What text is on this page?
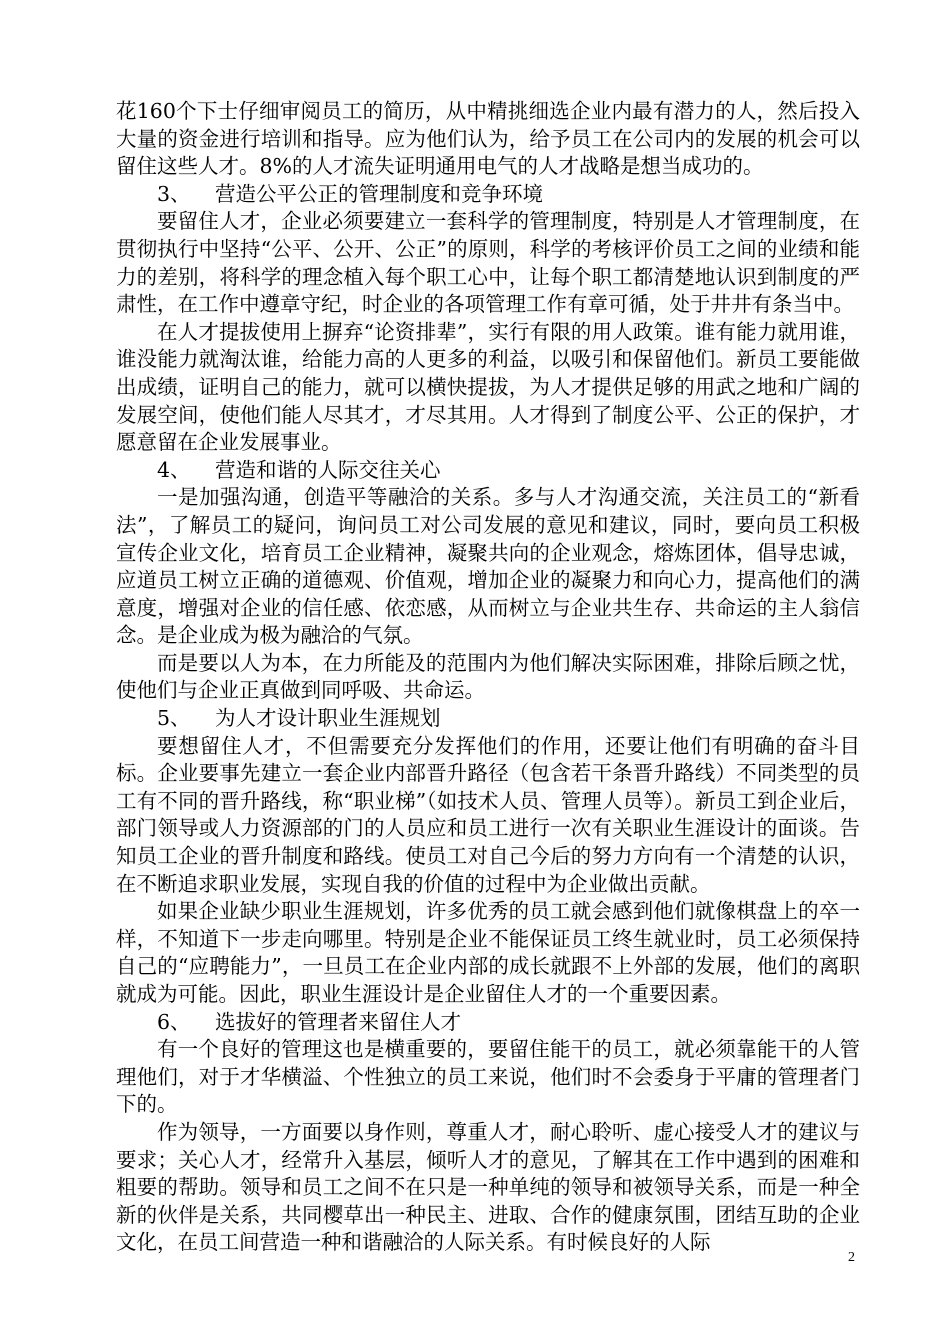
花160个下士仔细审阅员工的简历，从中精挑细选企业内最有潜力的人，然后投入大量的资金进行培训和指导。应为他们认为，给予员工在公司内的发展的机会可以留住这些人才。8%的人才流失证明通用电气的人才战略是想当成功的。

3、 营造公平公正的管理制度和竞争环境

要留住人才，企业必须要建立一套科学的管理制度，特别是人才管理制度，在贯彻执行中坚持“公平、公开、公正”的原则，科学的考核评价员工之间的业绩和能力的差别，将科学的理念植入每个职工心中，让每个职工都清楚地认识到制度的严肃性，在工作中遵章守纪，时企业的各项管理工作有章可循，处于井井有条当中。

在人才提拔使用上摒弃“论资排辈”，实行有限的用人政策。谁有能力就用谁，谁没能力就淘汰谁，给能力高的人更多的利益，以吸引和保留他们。新员工要能做出成绩，证明自己的能力，就可以横快提拔，为人才提供足够的用武之地和广阔的发展空间，使他们能人尽其才，才尽其用。人才得到了制度公平、公正的保护，才愿意留在企业发展事业。

4、 营造和谐的人际交往关心

一是加强沟通，创造平等融洽的关系。多与人才沟通交流，关注员工的“新看法”，了解员工的疑问，询问员工对公司发展的意见和建议，同时，要向员工积极宣传企业文化，培育员工企业精神，凝聚共向的企业观念，熔炼团体，倡导忠诚，应道员工树立正确的道德观、价值观，增加企业的凝聚力和向心力，提高他们的满意度，增强对企业的信任感、依恋感，从而树立与企业共生存、共命运的主人翁信念。是企业成为极为融洽的气氛。

而是要以人为本，在力所能及的范围内为他们解决实际困难，排除后顾之忧，使他们与企业正真做到同呼吸、共命运。

5、 为人才设计职业生涯规划

要想留住人才，不但需要充分发挥他们的作用，还要让他们有明确的奋斗目标。企业要事先建立一套企业内部晋升路径（包含若干条晋升路线）不同类型的员工有不同的晋升路线，称“职业梯”（如技术人员、管理人员等）。新员工到企业后，部门领导或人力资源部的门的人员应和员工进行一次有关职业生涯设计的面谈。告知员工企业的晋升制度和路线。使员工对自己今后的努力方向有一个清楚的认识，在不断追求职业发展，实现自我的价值的过程中为企业做出贡献。

如果企业缺少职业生涯规划，许多优秀的员工就会感到他们就像棋盘上的卒一样，不知道下一步走向哪里。特别是企业不能保证员工终生就业时，员工必须保持自己的“应聘能力”，一旦员工在企业内部的成长就跟不上外部的发展，他们的离职就成为可能。因此，职业生涯设计是企业留住人才的一个重要因素。

6、 选拔好的管理者来留住人才

有一个良好的管理这也是横重要的，要留住能干的员工，就必须靠能干的人管理他们，对于才华横溢、个性独立的员工来说，他们时不会委身于平庸的管理者门下的。

作为领导，一方面要以身作则，尊重人才，耐心聆听、虚心接受人才的建议与要求；关心人才，经常升入基层，倾听人才的意见，了解其在工作中遇到的困难和粗要的帮助。领导和员工之间不在只是一种单纯的领导和被领导关系，而是一种全新的伙伴是关系，共同樱草出一种民主、进取、合作的健康氛围，团结互助的企业文化，在员工间营造一种和谐融洽的人际关系。有时候良好的人际

2
